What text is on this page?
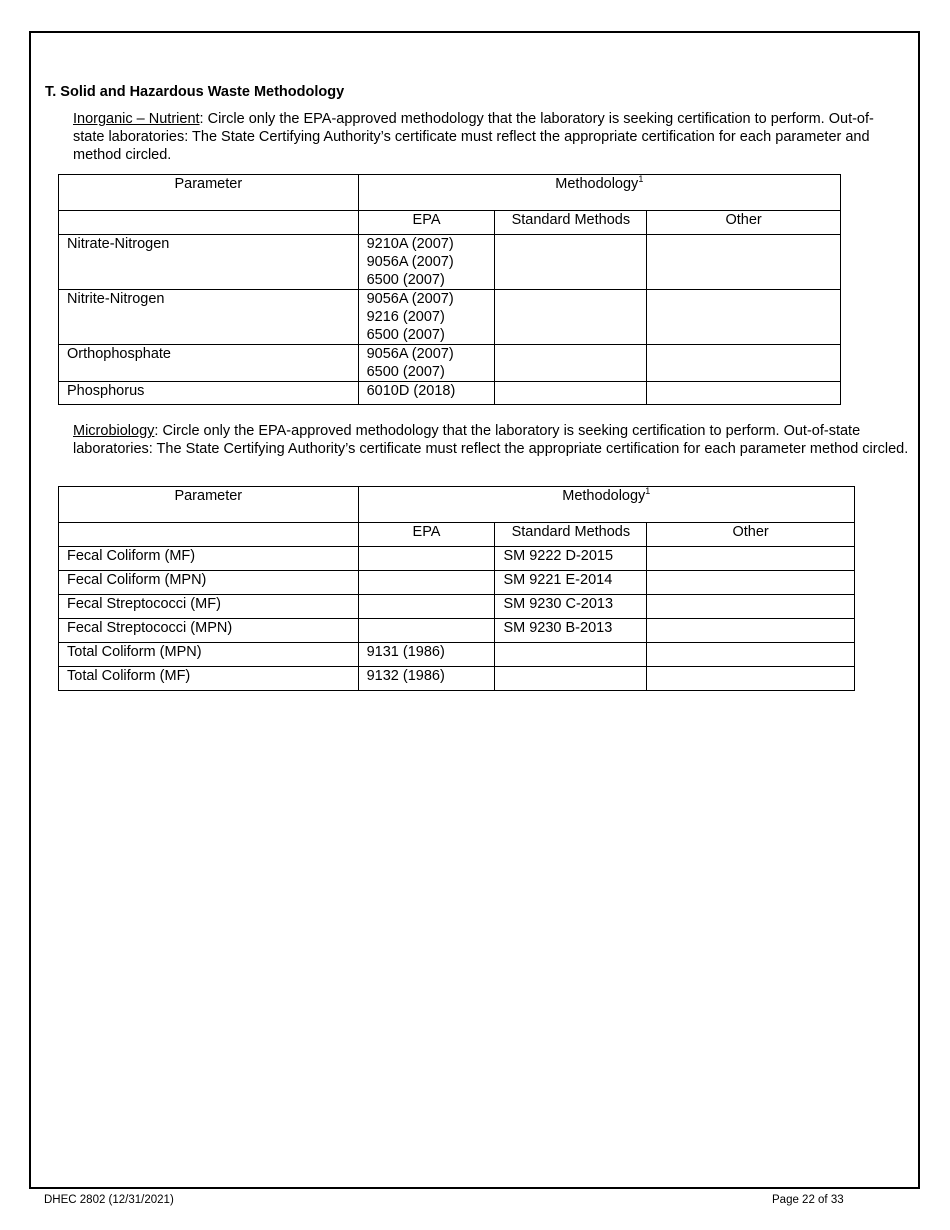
T. Solid and Hazardous Waste Methodology
Inorganic – Nutrient: Circle only the EPA-approved methodology that the laboratory is seeking certification to perform. Out-of-state laboratories: The State Certifying Authority’s certificate must reflect the appropriate certification for each parameter and method circled.
Parameter	Methodology$^1$
	EPA	Standard Methods	Other
Nitrate-Nitrogen	9210A (2007)
9056A (2007)
6500 (2007)		

Nitrite-Nitrogen	9056A (2007)
9216 (2007)
6500 (2007)		

Orthophosphate	9056A (2007)
6500 (2007)		

Phosphorus	6010D (2018)		

Microbiology: Circle only the EPA-approved methodology that the laboratory is seeking certification to perform. Out-of-state laboratories: The State Certifying Authority’s certificate must reflect the appropriate certification for each parameter method circled.
Parameter	Methodology$^1$
	EPA	Standard Methods	Other
Fecal Coliform (MF)		SM 9222 D-2015	
Fecal Coliform (MPN)		SM 9221 E-2014	
Fecal Streptococci (MF)		SM 9230 C-2013	
Fecal Streptococci (MPN)		SM 9230 B-2013	
Total Coliform (MPN)	9131 (1986)		
Total Coliform (MF)	9132 (1986)		
DHEC 2802 (12/31/2021)	Page 22 of 33
